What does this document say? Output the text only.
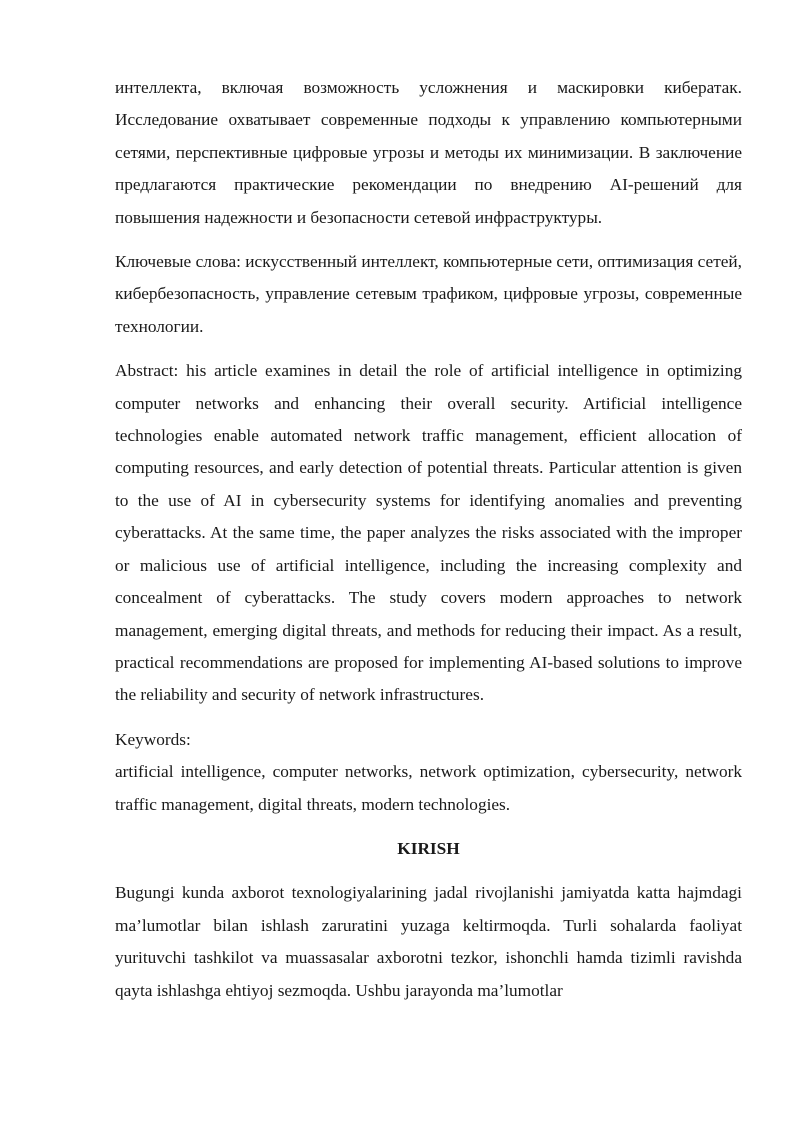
интеллекта, включая возможность усложнения и маскировки кибератак. Исследование охватывает современные подходы к управлению компьютерными сетями, перспективные цифровые угрозы и методы их минимизации. В заключение предлагаются практические рекомендации по внедрению AI-решений для повышения надежности и безопасности сетевой инфраструктуры.

Ключевые слова: искусственный интеллект, компьютерные сети, оптимизация сетей, кибербезопасность, управление сетевым трафиком, цифровые угрозы, современные технологии.

Abstract: his article examines in detail the role of artificial intelligence in optimizing computer networks and enhancing their overall security. Artificial intelligence technologies enable automated network traffic management, efficient allocation of computing resources, and early detection of potential threats. Particular attention is given to the use of AI in cybersecurity systems for identifying anomalies and preventing cyberattacks. At the same time, the paper analyzes the risks associated with the improper or malicious use of artificial intelligence, including the increasing complexity and concealment of cyberattacks. The study covers modern approaches to network management, emerging digital threats, and methods for reducing their impact. As a result, practical recommendations are proposed for implementing AI-based solutions to improve the reliability and security of network infrastructures.

Keywords:

artificial intelligence, computer networks, network optimization, cybersecurity, network traffic management, digital threats, modern technologies.

KIRISH

Bugungi kunda axborot texnologiyalarining jadal rivojlanishi jamiyatda katta hajmdagi ma’lumotlar bilan ishlash zaruratini yuzaga keltirmoqda. Turli sohalarda faoliyat yurituvchi tashkilot va muassasalar axborotni tezkor, ishonchli hamda tizimli ravishda qayta ishlashga ehtiyoj sezmoqda. Ushbu jarayonda ma’lumotlar
